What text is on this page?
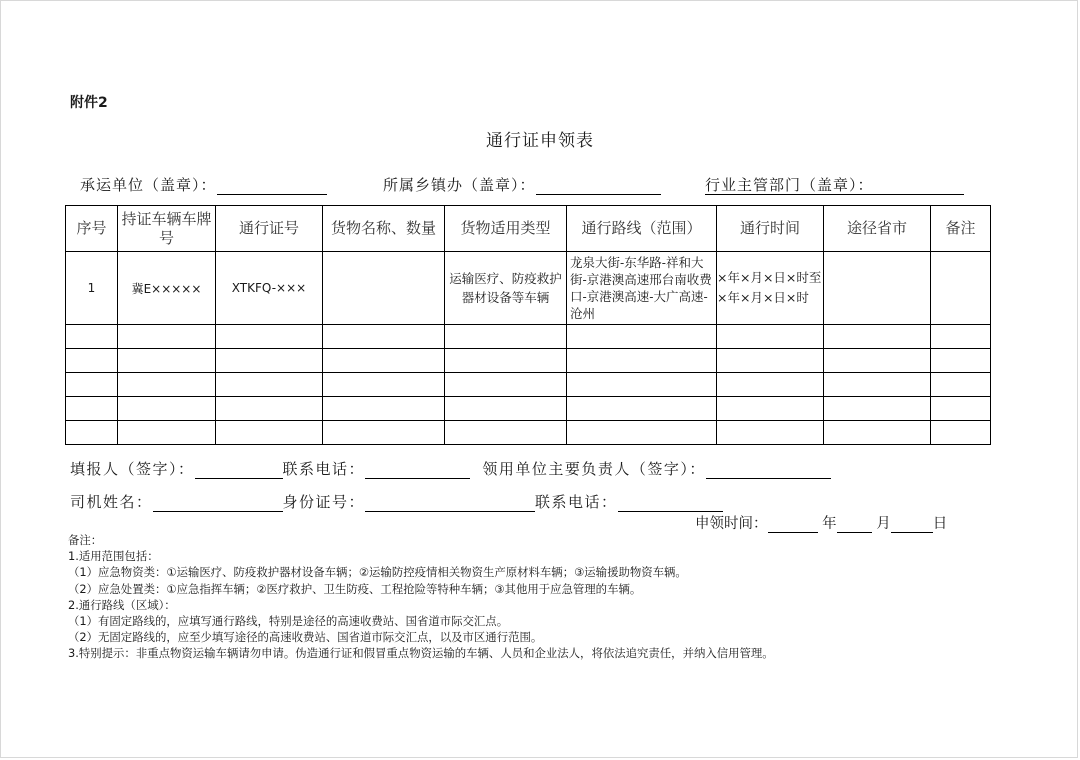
附件2
通行证申领表
承运单位（盖章）：	所属乡镇办（盖章）：	行业主管部门（盖章）：
序号	持证车辆车牌号	通行证号	货物名称、数量	货物适用类型	通行路线（范围）	通行时间	途径省市	备注
1	冀E×××××	XTKFQ-×××		运输医疗、防疫救护器材设备等车辆	龙泉大街-东华路-祥和大街-京港澳高速邢台南收费口-京港澳高速-大广高速-沧州	×年×月×日×时至×年×月×日×时		

填报人（签字）：	联系电话：	领用单位主要负责人（签字）：
司机姓名：	身份证号：	联系电话：
申领时间：	年	月	日
备注：
1.适用范围包括：
（1）应急物资类：①运输医疗、防疫救护器材设备车辆；②运输防控疫情相关物资生产原材料车辆；③运输援助物资车辆。
（2）应急处置类：①应急指挥车辆；②医疗救护、卫生防疫、工程抢险等特种车辆；③其他用于应急管理的车辆。
2.通行路线（区域）：
（1）有固定路线的，应填写通行路线，特别是途径的高速收费站、国省道市际交汇点。
（2）无固定路线的，应至少填写途径的高速收费站、国省道市际交汇点，以及市区通行范围。
3.特别提示：非重点物资运输车辆请勿申请。伪造通行证和假冒重点物资运输的车辆、人员和企业法人，将依法追究责任，并纳入信用管理。
